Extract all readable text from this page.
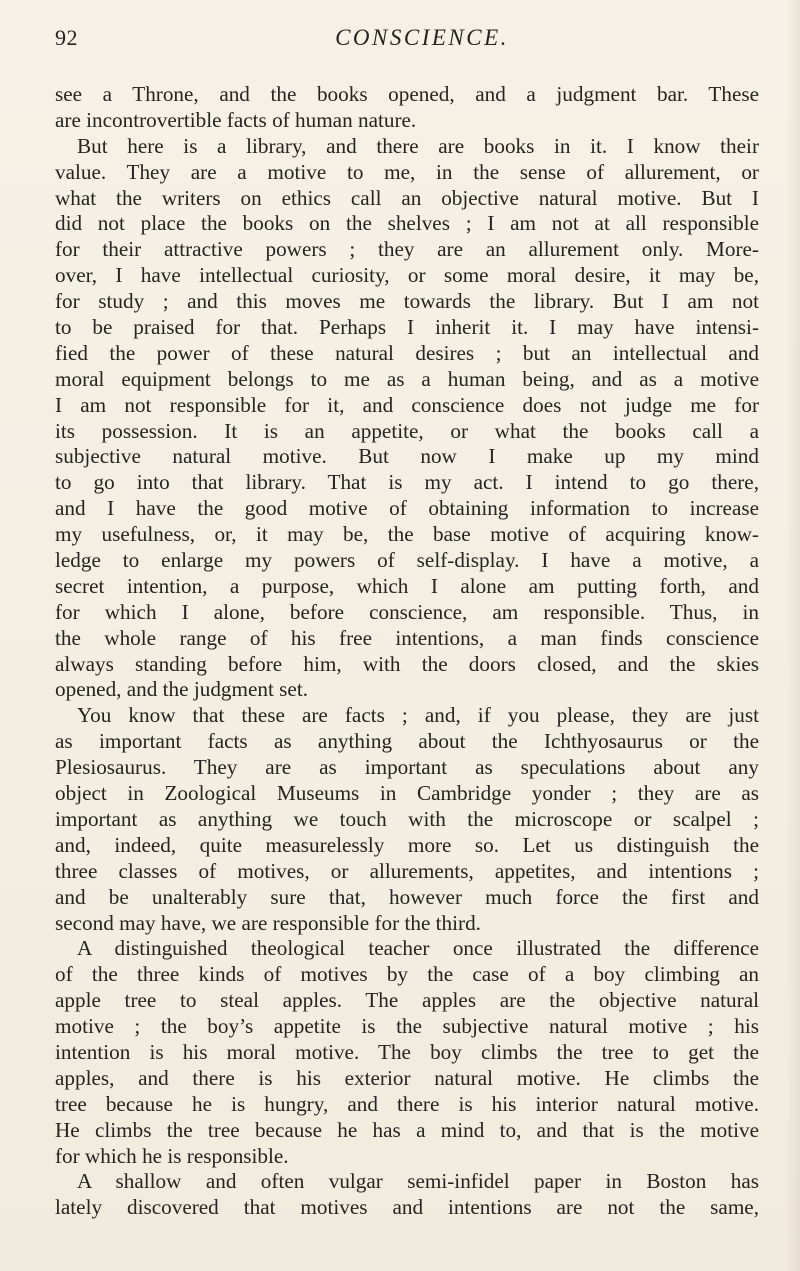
92	CONSCIENCE.
see a Throne, and the books opened, and a judgment bar. These
are incontrovertible facts of human nature.
But here is a library, and there are books in it. I know their
value. They are a motive to me, in the sense of allurement, or
what the writers on ethics call an objective natural motive. But I
did not place the books on the shelves ; I am not at all responsible
for their attractive powers ; they are an allurement only. More-
over, I have intellectual curiosity, or some moral desire, it may be,
for study ; and this moves me towards the library. But I am not
to be praised for that. Perhaps I inherit it. I may have intensi-
fied the power of these natural desires ; but an intellectual and
moral equipment belongs to me as a human being, and as a motive
I am not responsible for it, and conscience does not judge me for
its possession. It is an appetite, or what the books call a
subjective natural motive. But now I make up my mind
to go into that library. That is my act. I intend to go there,
and I have the good motive of obtaining information to increase
my usefulness, or, it may be, the base motive of acquiring know-
ledge to enlarge my powers of self-display. I have a motive, a
secret intention, a purpose, which I alone am putting forth, and
for which I alone, before conscience, am responsible. Thus, in
the whole range of his free intentions, a man finds conscience
always standing before him, with the doors closed, and the skies
opened, and the judgment set.
You know that these are facts ; and, if you please, they are just
as important facts as anything about the Ichthyosaurus or the
Plesiosaurus. They are as important as speculations about any
object in Zoological Museums in Cambridge yonder ; they are as
important as anything we touch with the microscope or scalpel ;
and, indeed, quite measurelessly more so. Let us distinguish the
three classes of motives, or allurements, appetites, and intentions ;
and be unalterably sure that, however much force the first and
second may have, we are responsible for the third.
A distinguished theological teacher once illustrated the difference
of the three kinds of motives by the case of a boy climbing an
apple tree to steal apples. The apples are the objective natural
motive ; the boy’s appetite is the subjective natural motive ; his
intention is his moral motive. The boy climbs the tree to get the
apples, and there is his exterior natural motive. He climbs the
tree because he is hungry, and there is his interior natural motive.
He climbs the tree because he has a mind to, and that is the motive
for which he is responsible.
A shallow and often vulgar semi-infidel paper in Boston has
lately discovered that motives and intentions are not the same,
